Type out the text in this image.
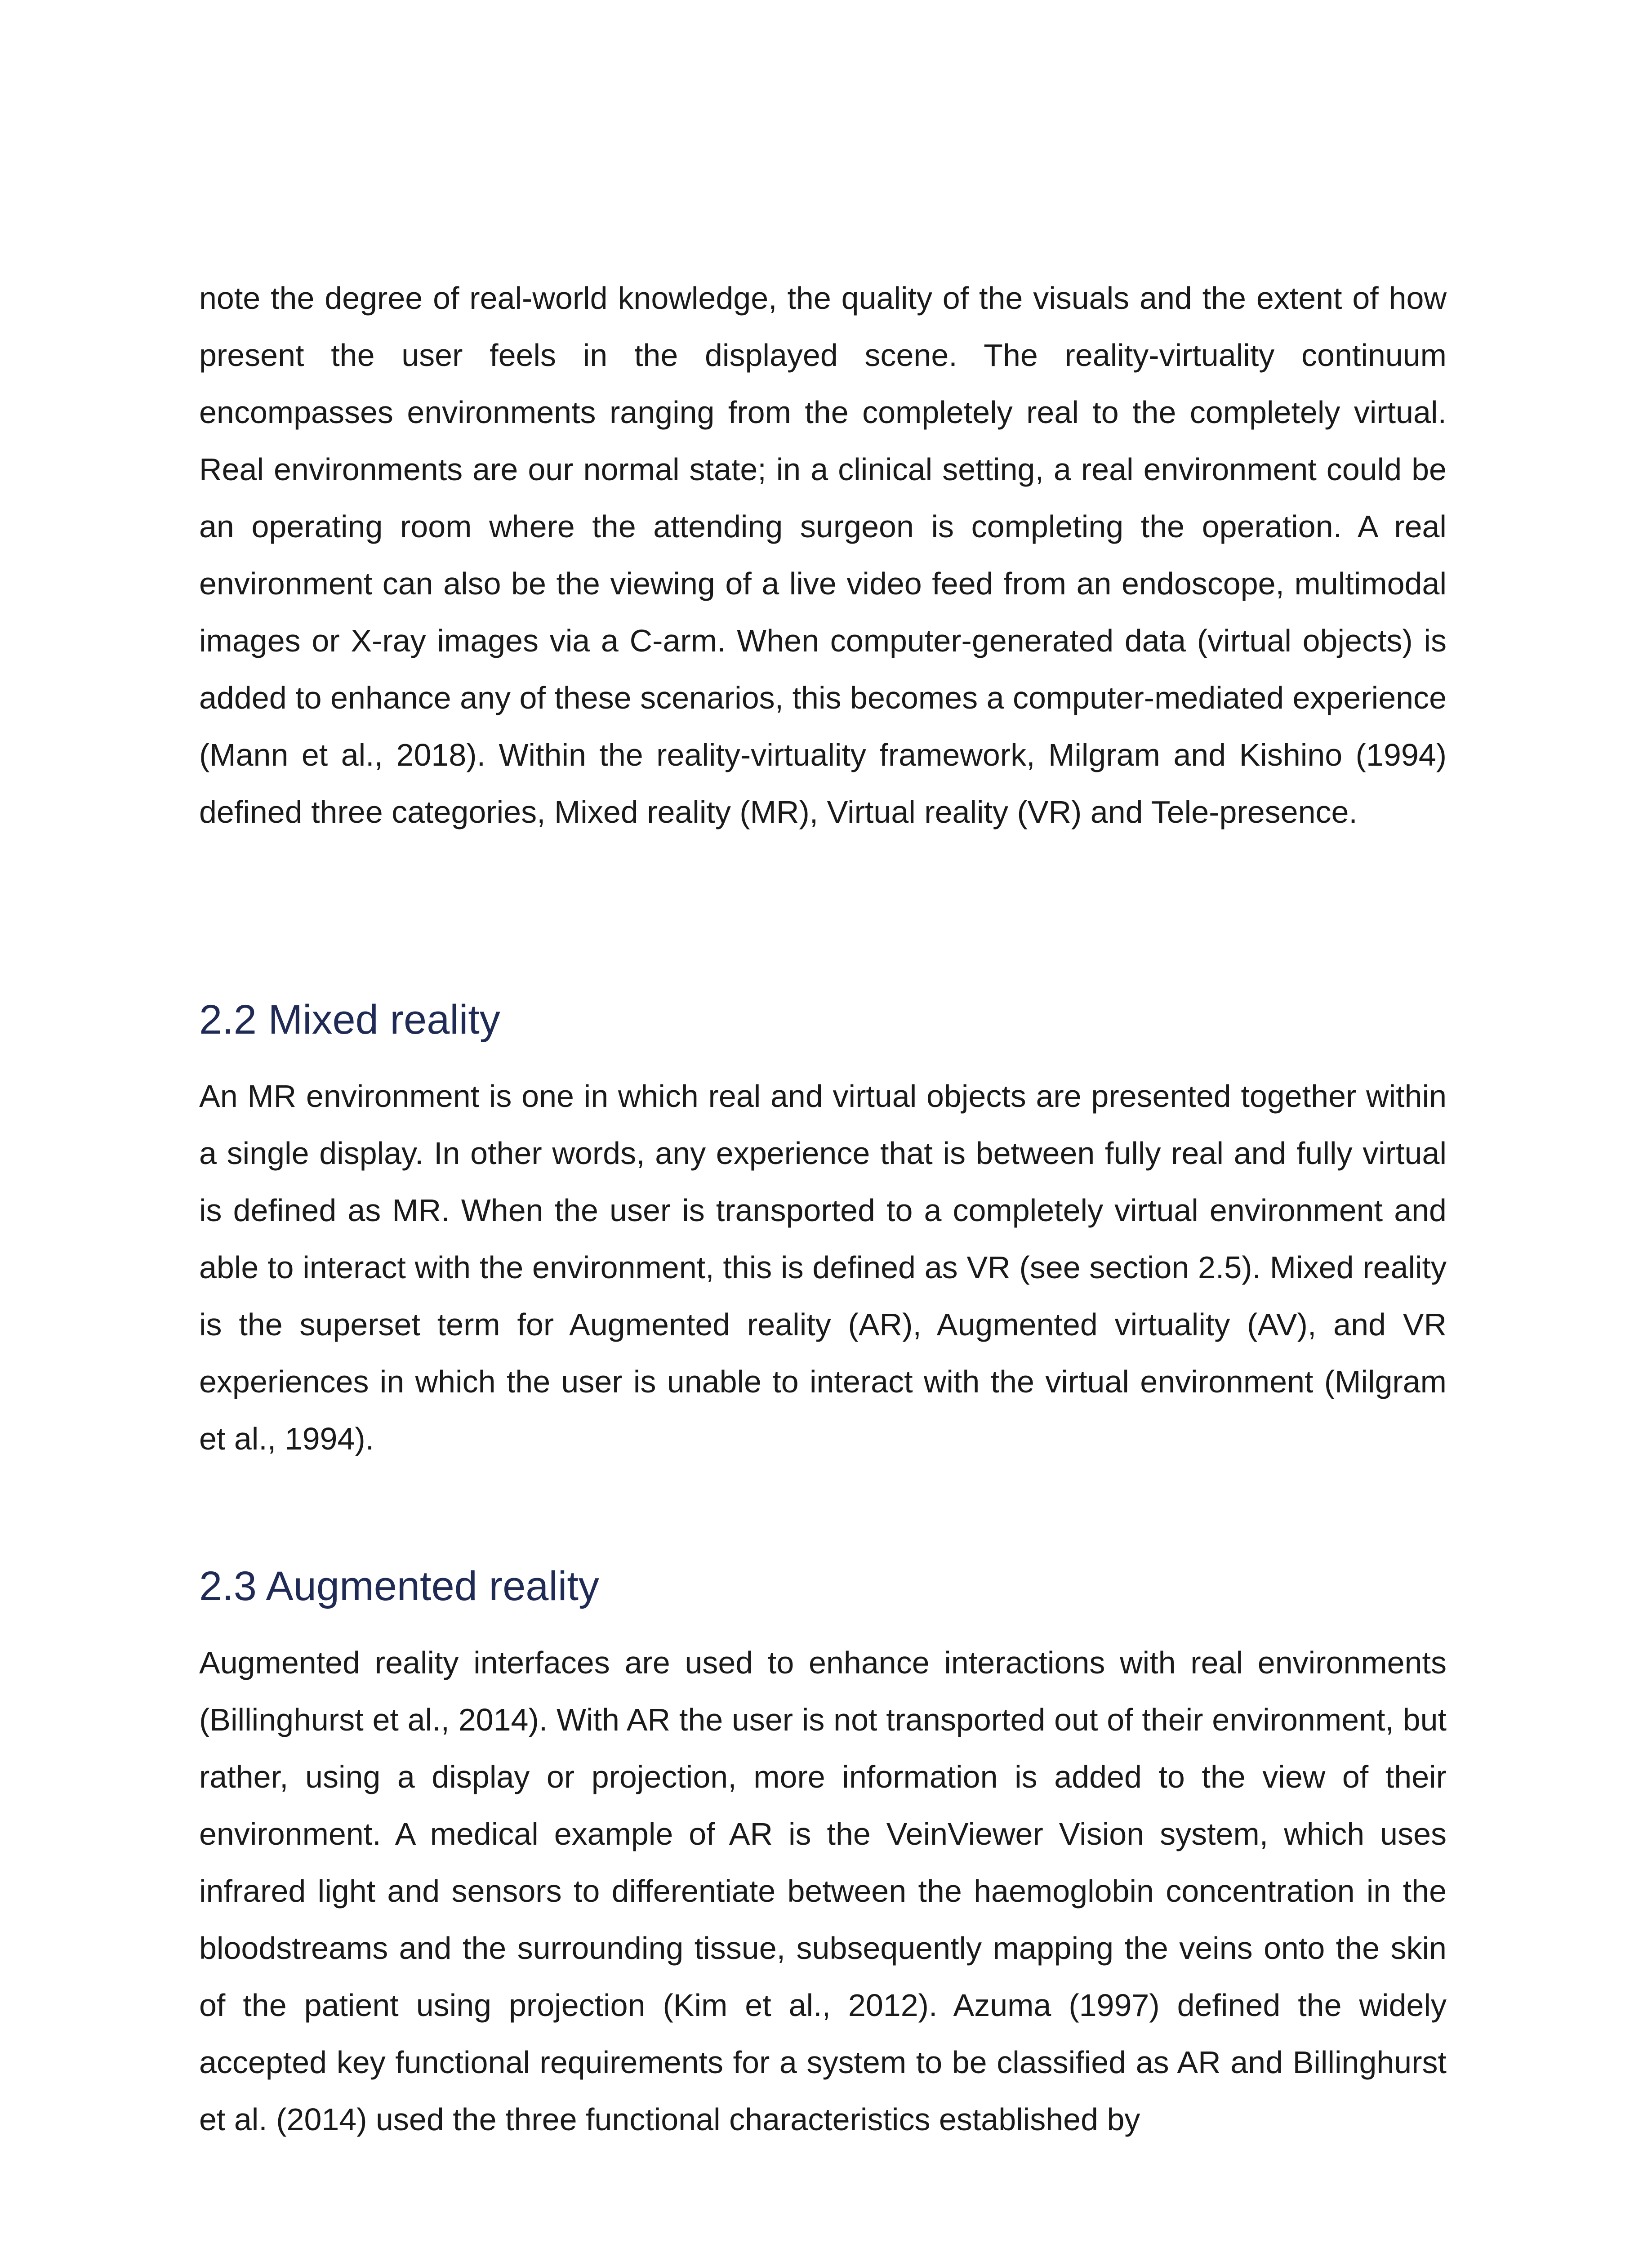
note the degree of real-world knowledge, the quality of the visuals and the extent of how present the user feels in the displayed scene. The reality-virtuality continuum encompasses environments ranging from the completely real to the completely virtual. Real environments are our normal state; in a clinical setting, a real environment could be an operating room where the attending surgeon is completing the operation. A real environment can also be the viewing of a live video feed from an endoscope, multimodal images or X-ray images via a C-arm. When computer-generated data (virtual objects) is added to enhance any of these scenarios, this becomes a computer-mediated experience (Mann et al., 2018). Within the reality-virtuality framework, Milgram and Kishino (1994) defined three categories, Mixed reality (MR), Virtual reality (VR) and Tele-presence.

2.2 Mixed reality

An MR environment is one in which real and virtual objects are presented together within a single display. In other words, any experience that is between fully real and fully virtual is defined as MR. When the user is transported to a completely virtual environment and able to interact with the environment, this is defined as VR (see section 2.5). Mixed reality is the superset term for Augmented reality (AR), Augmented virtuality (AV), and VR experiences in which the user is unable to interact with the virtual environment (Milgram et al., 1994).

2.3 Augmented reality

Augmented reality interfaces are used to enhance interactions with real environments (Billinghurst et al., 2014). With AR the user is not transported out of their environment, but rather, using a display or projection, more information is added to the view of their environment. A medical example of AR is the VeinViewer Vision system, which uses infrared light and sensors to differentiate between the haemoglobin concentration in the bloodstreams and the surrounding tissue, subsequently mapping the veins onto the skin of the patient using projection (Kim et al., 2012). Azuma (1997) defined the widely accepted key functional requirements for a system to be classified as AR and Billinghurst et al. (2014) used the three functional characteristics established by
